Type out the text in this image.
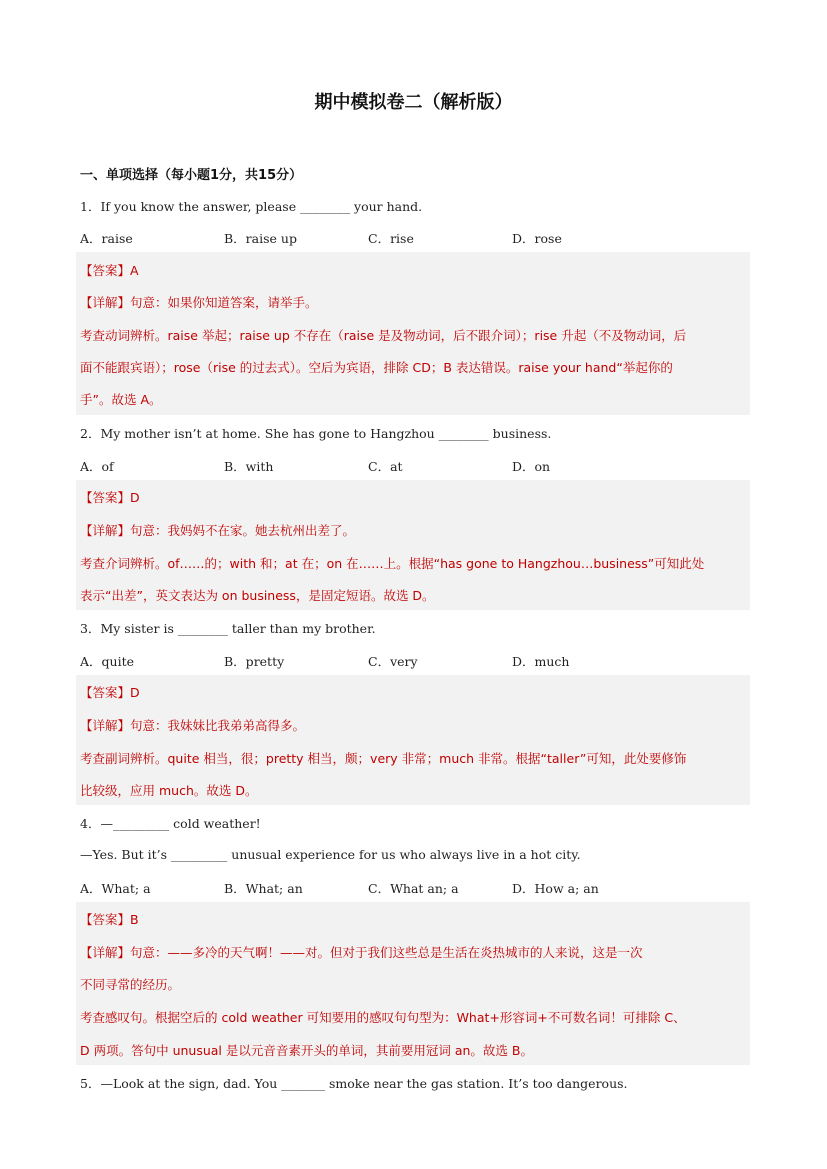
期中模拟卷二（解析版）
一、单项选择（每小题1分，共15分）
1．If you know the answer, please ________ your hand.
A．raise	B．raise up	C．rise	D．rose
【答案】A
【详解】句意：如果你知道答案，请举手。
考查动词辨析。raise 举起；raise up 不存在（raise 是及物动词，后不跟介词）；rise 升起（不及物动词，后
面不能跟宾语）；rose（rise 的过去式）。空后为宾语，排除 CD；B 表达错误。raise your hand“举起你的
手”。故选 A。
2．My mother isn’t at home. She has gone to Hangzhou ________ business.
A．of	B．with	C．at	D．on
【答案】D
【详解】句意：我妈妈不在家。她去杭州出差了。
考查介词辨析。of……的；with 和；at 在；on 在……上。根据“has gone to Hangzhou…business”可知此处
表示“出差”，英文表达为 on business，是固定短语。故选 D。
3．My sister is ________ taller than my brother.
A．quite	B．pretty	C．very	D．much
【答案】D
【详解】句意：我妹妹比我弟弟高得多。
考查副词辨析。quite 相当，很；pretty 相当，颇；very 非常；much 非常。根据“taller”可知，此处要修饰
比较级，应用 much。故选 D。
4．—_________ cold weather!
—Yes. But it’s _________ unusual experience for us who always live in a hot city.
A．What; a	B．What; an	C．What an; a	D．How a; an
【答案】B
【详解】句意：——多冷的天气啊！——对。但对于我们这些总是生活在炎热城市的人来说，这是一次
不同寻常的经历。
考查感叹句。根据空后的 cold weather 可知要用的感叹句句型为：What+形容词+不可数名词！可排除 C、
D 两项。答句中 unusual 是以元音音素开头的单词，其前要用冠词 an。故选 B。
5．—Look at the sign, dad. You _______ smoke near the gas station. It’s too dangerous.
